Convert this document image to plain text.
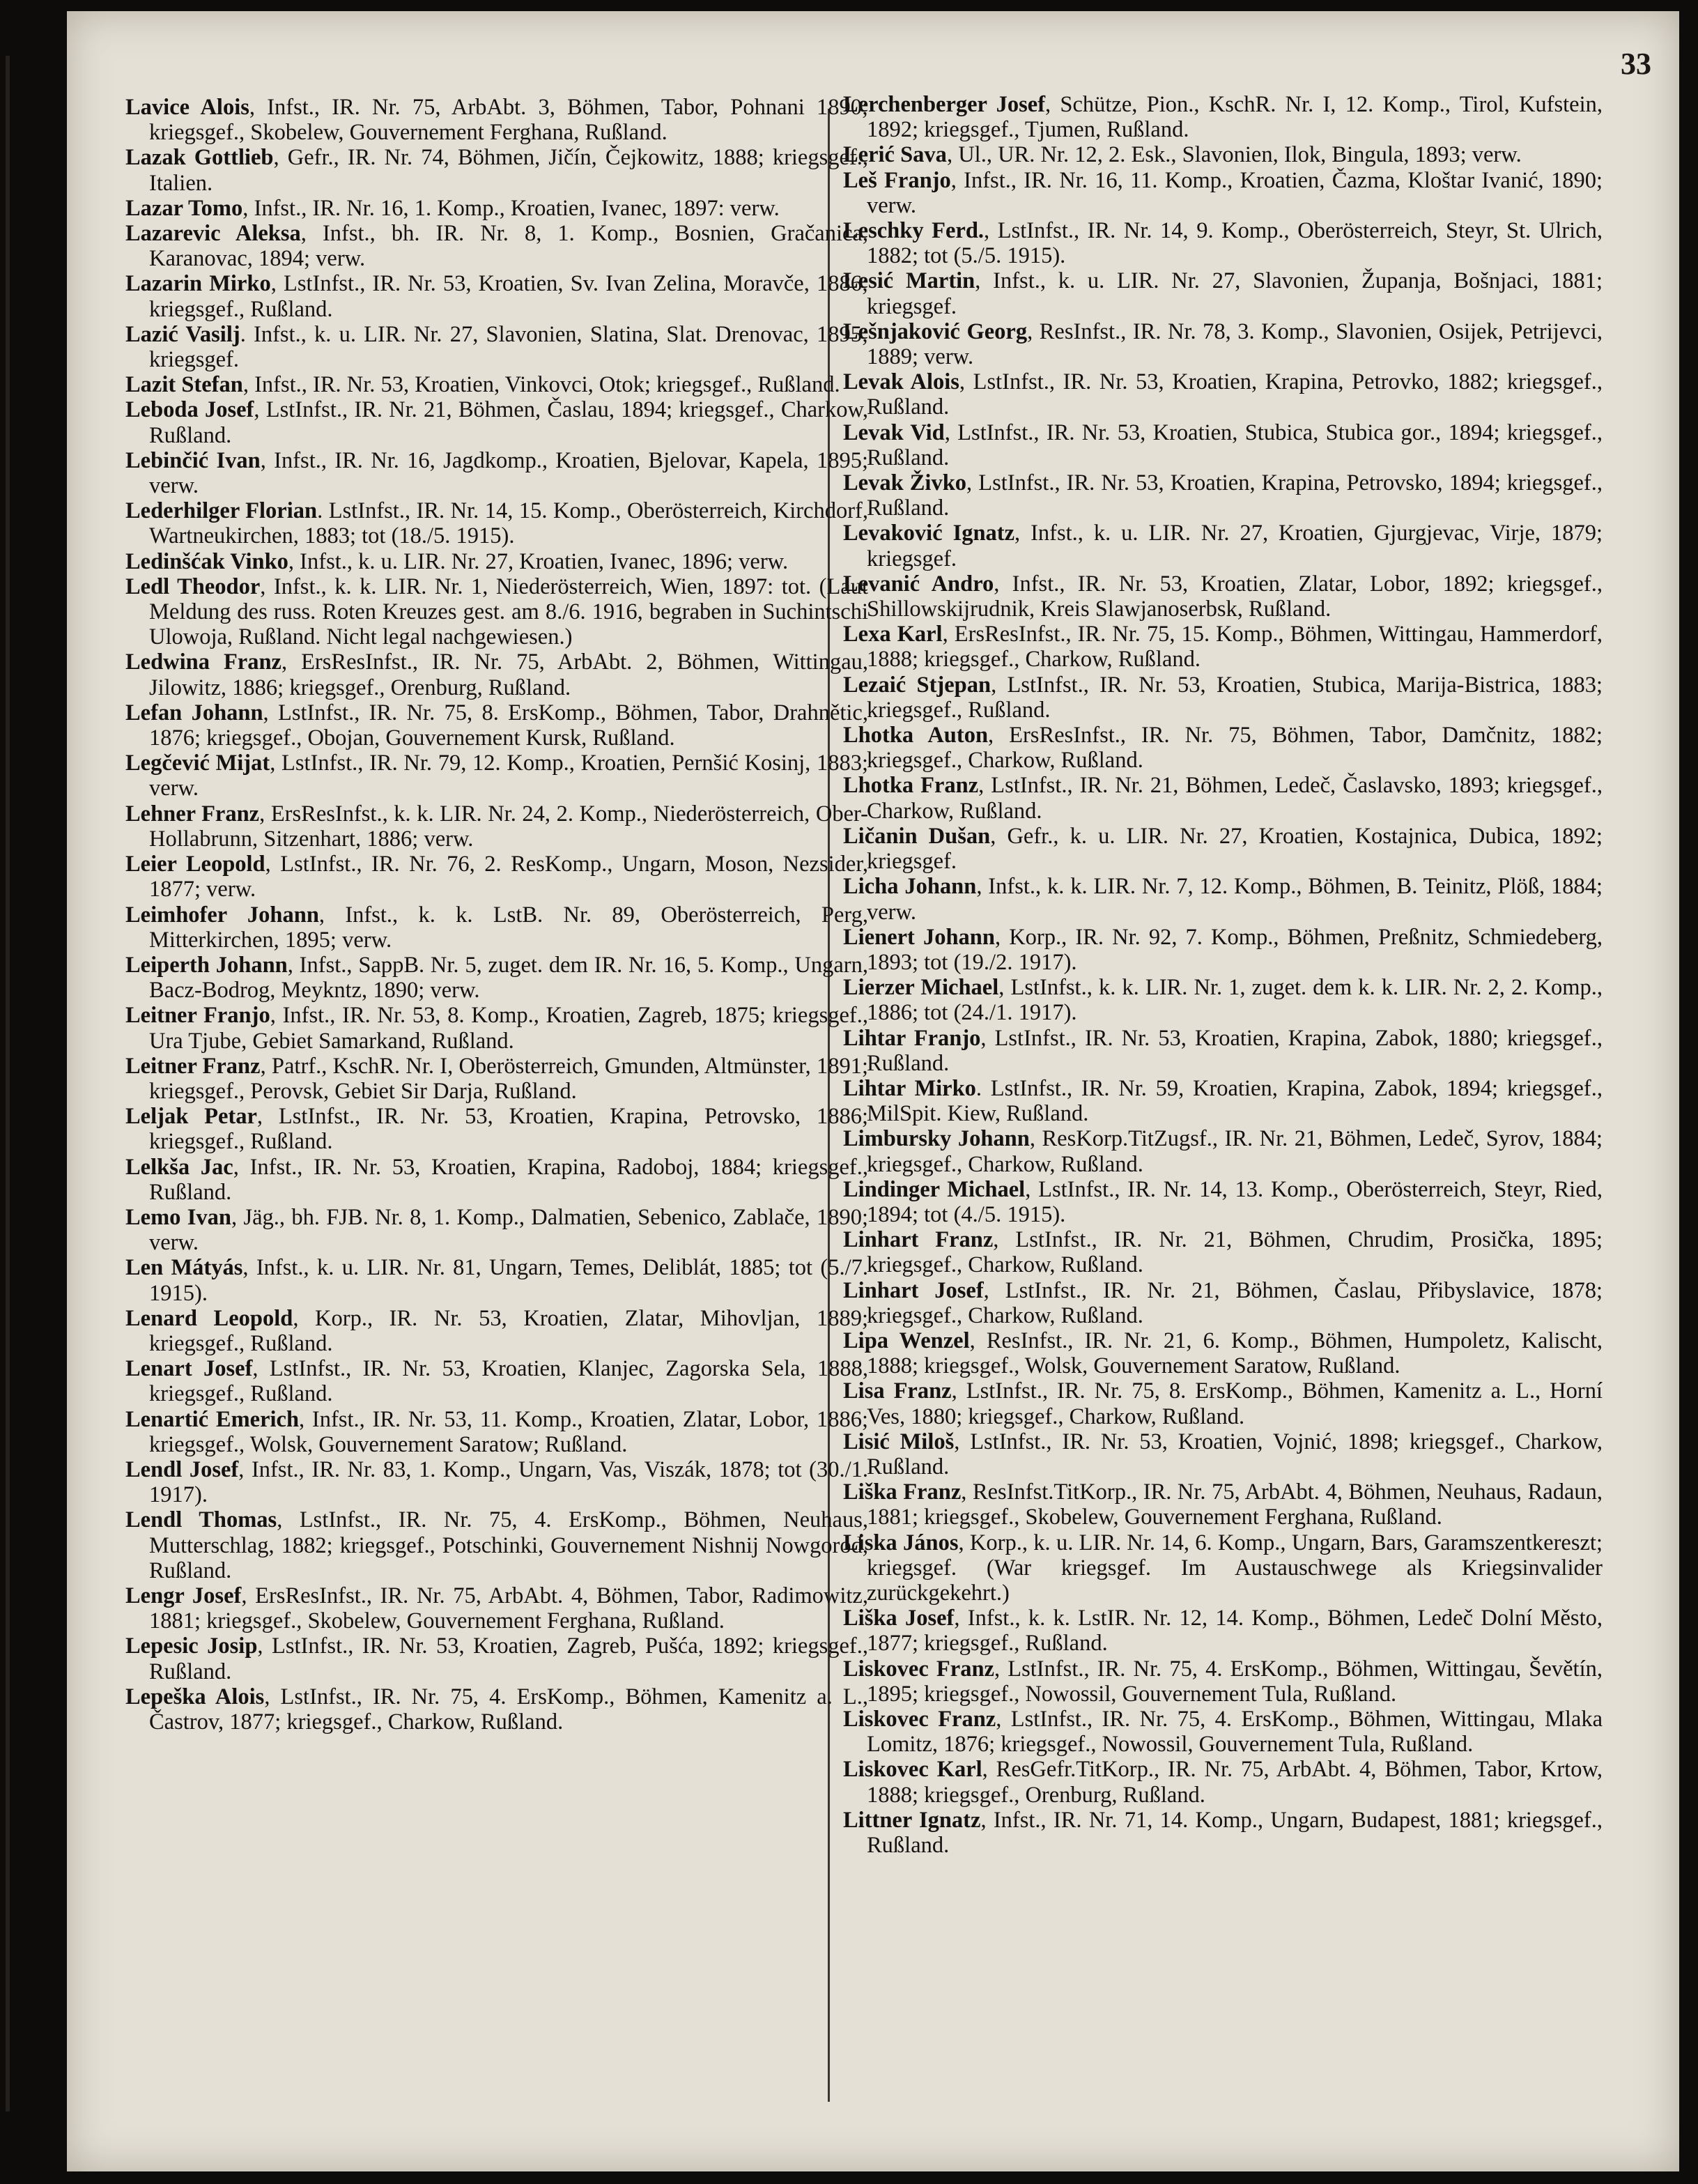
33

Lavice Alois, Infst., IR. Nr. 75, ArbAbt. 3, Böhmen, Tabor, Pohnani 1890; kriegsgef., Skobelew, Gouvernement Ferghana, Rußland.

Lazak Gottlieb, Gefr., IR. Nr. 74, Böhmen, Jičín, Čejkowitz, 1888; kriegsgef., Italien.

Lazar Tomo, Infst., IR. Nr. 16, 1. Komp., Kroatien, Ivanec, 1897: verw.

Lazarevic Aleksa, Infst., bh. IR. Nr. 8, 1. Komp., Bosnien, Gračanica, Karanovac, 1894; verw.

Lazarin Mirko, LstInfst., IR. Nr. 53, Kroatien, Sv. Ivan Zelina, Moravče, 1886; kriegsgef., Rußland.

Lazić Vasilj. Infst., k. u. LIR. Nr. 27, Slavonien, Slatina, Slat. Drenovac, 1895; kriegsgef.

Lazit Stefan, Infst., IR. Nr. 53, Kroatien, Vinkovci, Otok; kriegsgef., Rußland.

Leboda Josef, LstInfst., IR. Nr. 21, Böhmen, Časlau, 1894; kriegsgef., Charkow, Rußland.

Lebinčić Ivan, Infst., IR. Nr. 16, Jagdkomp., Kroatien, Bjelovar, Kapela, 1895; verw.

Lederhilger Florian. LstInfst., IR. Nr. 14, 15. Komp., Oberösterreich, Kirchdorf, Wartneukirchen, 1883; tot (18./5. 1915).

Ledinšćak Vinko, Infst., k. u. LIR. Nr. 27, Kroatien, Ivanec, 1896; verw.

Ledl Theodor, Infst., k. k. LIR. Nr. 1, Niederösterreich, Wien, 1897: tot. (Laut Meldung des russ. Roten Kreuzes gest. am 8./6. 1916, begraben in Suchintschi Ulowoja, Rußland. Nicht legal nachgewiesen.)

Ledwina Franz, ErsResInfst., IR. Nr. 75, ArbAbt. 2, Böhmen, Wittingau, Jilowitz, 1886; kriegsgef., Orenburg, Rußland.

Lefan Johann, LstInfst., IR. Nr. 75, 8. ErsKomp., Böhmen, Tabor, Drahnětic, 1876; kriegsgef., Obojan, Gouvernement Kursk, Rußland.

Legčević Mijat, LstInfst., IR. Nr. 79, 12. Komp., Kroatien, Pernšić Kosinj, 1883; verw.

Lehner Franz, ErsResInfst., k. k. LIR. Nr. 24, 2. Komp., Niederösterreich, Ober-Hollabrunn, Sitzenhart, 1886; verw.

Leier Leopold, LstInfst., IR. Nr. 76, 2. ResKomp., Ungarn, Moson, Nezsider, 1877; verw.

Leimhofer Johann, Infst., k. k. LstB. Nr. 89, Oberösterreich, Perg, Mitterkirchen, 1895; verw.

Leiperth Johann, Infst., SappB. Nr. 5, zuget. dem IR. Nr. 16, 5. Komp., Ungarn, Bacz-Bodrog, Meykntz, 1890; verw.

Leitner Franjo, Infst., IR. Nr. 53, 8. Komp., Kroatien, Zagreb, 1875; kriegsgef., Ura Tjube, Gebiet Samarkand, Rußland.

Leitner Franz, Patrf., KschR. Nr. I, Oberösterreich, Gmunden, Altmünster, 1891; kriegsgef., Perovsk, Gebiet Sir Darja, Rußland.

Leljak Petar, LstInfst., IR. Nr. 53, Kroatien, Krapina, Petrovsko, 1886; kriegsgef., Rußland.

Lelkša Jac, Infst., IR. Nr. 53, Kroatien, Krapina, Radoboj, 1884; kriegsgef., Rußland.

Lemo Ivan, Jäg., bh. FJB. Nr. 8, 1. Komp., Dalmatien, Sebenico, Zablače, 1890; verw.

Len Mátyás, Infst., k. u. LIR. Nr. 81, Ungarn, Temes, Deliblát, 1885; tot (5./7. 1915).

Lenard Leopold, Korp., IR. Nr. 53, Kroatien, Zlatar, Mihovljan, 1889; kriegsgef., Rußland.

Lenart Josef, LstInfst., IR. Nr. 53, Kroatien, Klanjec, Zagorska Sela, 1888, kriegsgef., Rußland.

Lenartić Emerich, Infst., IR. Nr. 53, 11. Komp., Kroatien, Zlatar, Lobor, 1886; kriegsgef., Wolsk, Gouvernement Saratow; Rußland.

Lendl Josef, Infst., IR. Nr. 83, 1. Komp., Ungarn, Vas, Viszák, 1878; tot (30./1. 1917).

Lendl Thomas, LstInfst., IR. Nr. 75, 4. ErsKomp., Böhmen, Neuhaus, Mutterschlag, 1882; kriegsgef., Potschinki, Gouvernement Nishnij Nowgorod, Rußland.

Lengr Josef, ErsResInfst., IR. Nr. 75, ArbAbt. 4, Böhmen, Tabor, Radimowitz, 1881; kriegsgef., Skobelew, Gouvernement Ferghana, Rußland.

Lepesic Josip, LstInfst., IR. Nr. 53, Kroatien, Zagreb, Pušća, 1892; kriegsgef., Rußland.

Lepeška Alois, LstInfst., IR. Nr. 75, 4. ErsKomp., Böhmen, Kamenitz a. L., Častrov, 1877; kriegsgef., Charkow, Rußland.

Lerchenberger Josef, Schütze, Pion., KschR. Nr. I, 12. Komp., Tirol, Kufstein, 1892; kriegsgef., Tjumen, Rußland.

Lerić Sava, Ul., UR. Nr. 12, 2. Esk., Slavonien, Ilok, Bingula, 1893; verw.

Leš Franjo, Infst., IR. Nr. 16, 11. Komp., Kroatien, Čazma, Kloštar Ivanić, 1890; verw.

Leschky Ferd., LstInfst., IR. Nr. 14, 9. Komp., Oberösterreich, Steyr, St. Ulrich, 1882; tot (5./5. 1915).

Lesić Martin, Infst., k. u. LIR. Nr. 27, Slavonien, Županja, Bošnjaci, 1881; kriegsgef.

Lešnjaković Georg, ResInfst., IR. Nr. 78, 3. Komp., Slavonien, Osijek, Petrijevci, 1889; verw.

Levak Alois, LstInfst., IR. Nr. 53, Kroatien, Krapina, Petrovko, 1882; kriegsgef., Rußland.

Levak Vid, LstInfst., IR. Nr. 53, Kroatien, Stubica, Stubica gor., 1894; kriegsgef., Rußland.

Levak Živko, LstInfst., IR. Nr. 53, Kroatien, Krapina, Petrovsko, 1894; kriegsgef., Rußland.

Levaković Ignatz, Infst., k. u. LIR. Nr. 27, Kroatien, Gjurgjevac, Virje, 1879; kriegsgef.

Levanić Andro, Infst., IR. Nr. 53, Kroatien, Zlatar, Lobor, 1892; kriegsgef., Shillowskijrudnik, Kreis Slawjanoserbsk, Rußland.

Lexa Karl, ErsResInfst., IR. Nr. 75, 15. Komp., Böhmen, Wittingau, Hammerdorf, 1888; kriegsgef., Charkow, Rußland.

Lezaić Stjepan, LstInfst., IR. Nr. 53, Kroatien, Stubica, Marija-Bistrica, 1883; kriegsgef., Rußland.

Lhotka Auton, ErsResInfst., IR. Nr. 75, Böhmen, Tabor, Damčnitz, 1882; kriegsgef., Charkow, Rußland.

Lhotka Franz, LstInfst., IR. Nr. 21, Böhmen, Ledeč, Časlavsko, 1893; kriegsgef., Charkow, Rußland.

Ličanin Dušan, Gefr., k. u. LIR. Nr. 27, Kroatien, Kostajnica, Dubica, 1892; kriegsgef.

Licha Johann, Infst., k. k. LIR. Nr. 7, 12. Komp., Böhmen, B. Teinitz, Plöß, 1884; verw.

Lienert Johann, Korp., IR. Nr. 92, 7. Komp., Böhmen, Preßnitz, Schmiedeberg, 1893; tot (19./2. 1917).

Lierzer Michael, LstInfst., k. k. LIR. Nr. 1, zuget. dem k. k. LIR. Nr. 2, 2. Komp., 1886; tot (24./1. 1917).

Lihtar Franjo, LstInfst., IR. Nr. 53, Kroatien, Krapina, Zabok, 1880; kriegsgef., Rußland.

Lihtar Mirko. LstInfst., IR. Nr. 59, Kroatien, Krapina, Zabok, 1894; kriegsgef., MilSpit. Kiew, Rußland.

Limbursky Johann, ResKorp.TitZugsf., IR. Nr. 21, Böhmen, Ledeč, Syrov, 1884; kriegsgef., Charkow, Rußland.

Lindinger Michael, LstInfst., IR. Nr. 14, 13. Komp., Oberösterreich, Steyr, Ried, 1894; tot (4./5. 1915).

Linhart Franz, LstInfst., IR. Nr. 21, Böhmen, Chrudim, Prosička, 1895; kriegsgef., Charkow, Rußland.

Linhart Josef, LstInfst., IR. Nr. 21, Böhmen, Časlau, Přibyslavice, 1878; kriegsgef., Charkow, Rußland.

Lipa Wenzel, ResInfst., IR. Nr. 21, 6. Komp., Böhmen, Humpoletz, Kalischt, 1888; kriegsgef., Wolsk, Gouvernement Saratow, Rußland.

Lisa Franz, LstInfst., IR. Nr. 75, 8. ErsKomp., Böhmen, Kamenitz a. L., Horní Ves, 1880; kriegsgef., Charkow, Rußland.

Lisić Miloš, LstInfst., IR. Nr. 53, Kroatien, Vojnić, 1898; kriegsgef., Charkow, Rußland.

Liška Franz, ResInfst.TitKorp., IR. Nr. 75, ArbAbt. 4, Böhmen, Neuhaus, Radaun, 1881; kriegsgef., Skobelew, Gouvernement Ferghana, Rußland.

Liska János, Korp., k. u. LIR. Nr. 14, 6. Komp., Ungarn, Bars, Garamszentkereszt; kriegsgef. (War kriegsgef. Im Austauschwege als Kriegsinvalider zurückgekehrt.)

Liška Josef, Infst., k. k. LstIR. Nr. 12, 14. Komp., Böhmen, Ledeč Dolní Město, 1877; kriegsgef., Rußland.

Liskovec Franz, LstInfst., IR. Nr. 75, 4. ErsKomp., Böhmen, Wittingau, Ševětín, 1895; kriegsgef., Nowossil, Gouvernement Tula, Rußland.

Liskovec Franz, LstInfst., IR. Nr. 75, 4. ErsKomp., Böhmen, Wittingau, Mlaka Lomitz, 1876; kriegsgef., Nowossil, Gouvernement Tula, Rußland.

Liskovec Karl, ResGefr.TitKorp., IR. Nr. 75, ArbAbt. 4, Böhmen, Tabor, Krtow, 1888; kriegsgef., Orenburg, Rußland.

Littner Ignatz, Infst., IR. Nr. 71, 14. Komp., Ungarn, Budapest, 1881; kriegsgef., Rußland.
